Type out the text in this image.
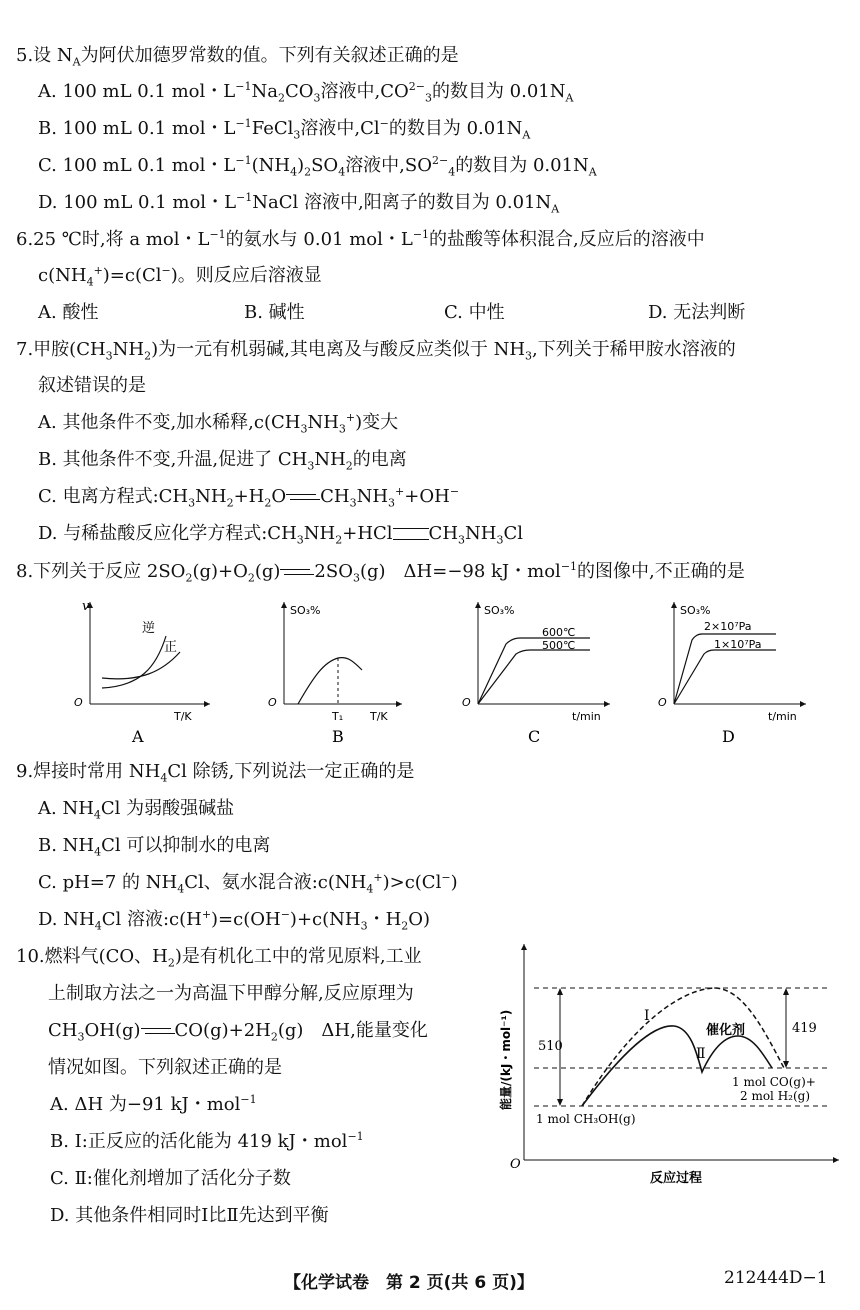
5.设 $N_A$为阿伏加德罗常数的值。下列有关叙述正确的是
A. 100 mL 0.1 mol・$L^{-1}Na_2CO_3$溶液中$,CO^{2-}_3$的数目为 $0.01N_A$
B. 100 mL 0.1 mol・$L^{-1}FeCl_3$溶液中,Cl−的数目为 $0.01N_A$
C. 100 mL 0.1 mol・$L^{-1}(NH_4)_2SO_4$溶液中$,SO^{2-}_4$的数目为 $0.01N_A$
D. 100 mL 0.1 mol・$L^{-1}NaCl$ 溶液中,阳离子的数目为 $0.01N_A$
6.25 ℃时,将 a mol・$L^{-1}$的氨水与 0.01 mol・$L^{-1}$的盐酸等体积混合,反应后的溶液中
$c(NH_4^+)=c(Cl^-)$。则反应后溶液显
A. 酸性	B. 碱性	C. 中性	D. 无法判断
7.甲胺$(CH_3NH_2)$为一元有机弱碱,其电离及与酸反应类似于 $NH_3$,下列关于稀甲胺水溶液的
叙述错误的是
A. 其他条件不变,加水稀释$,c(CH_3NH_3^+)$变大
B. 其他条件不变,升温,促进了 $CH_3NH_2$的电离
C. 电离方程式$:CH_3NH_2+H_2O$ $CH_3NH_3^++OH^-$
D. 与稀盐酸反应化学方程式$:CH_3NH_2+HCl$ $CH_3NH_3Cl$
8.下列关于反应 $2SO_2(g)+O_2(g)$ $2SO_3(g)$　ΔH=−98 kJ・mol$^{-1}$的图像中,不正确的是
v
O
T/K
逆
正
A
SO₃%
O
T/K
T₁
B
SO₃%
O
t/min
600℃
500℃
C
SO₃%
O
t/min
2×10⁷Pa
1×10⁷Pa
D
9.焊接时常用 $NH_4Cl$ 除锈,下列说法一定正确的是
A. $NH_4Cl$ 为弱酸强碱盐
B. $NH_4Cl$ 可以抑制水的电离
C. pH=7 的 $NH_4Cl$、氨水混合液$:c(NH_4^+)>c(Cl^-)$
D. $NH_4Cl$ 溶液$:c(H^+)=c(OH^-)+c(NH_3$・$H_2O$)
10.燃料气(CO、$H_2$)是有机化工中的常见原料,工业
上制取方法之一为高温下甲醇分解,反应原理为
$CH_3OH(g)$ $CO(g)+2H_2(g)$　ΔH,能量变化
情况如图。下列叙述正确的是
A. ΔH 为−91 kJ・mol$^{-1}$
B. Ⅰ:正反应的活化能为 419 kJ・mol$^{-1}$
C. Ⅱ:催化剂增加了活化分子数
D. 其他条件相同时Ⅰ比Ⅱ先达到平衡
O
能量/(kJ・mol⁻¹)
反应过程
510
419
Ⅰ
Ⅱ
催化剂
1 mol CO(g)+
2 mol H₂(g)
1 mol CH₃OH(g)
【化学试卷　第 2 页(共 6 页)】	212444D−1
